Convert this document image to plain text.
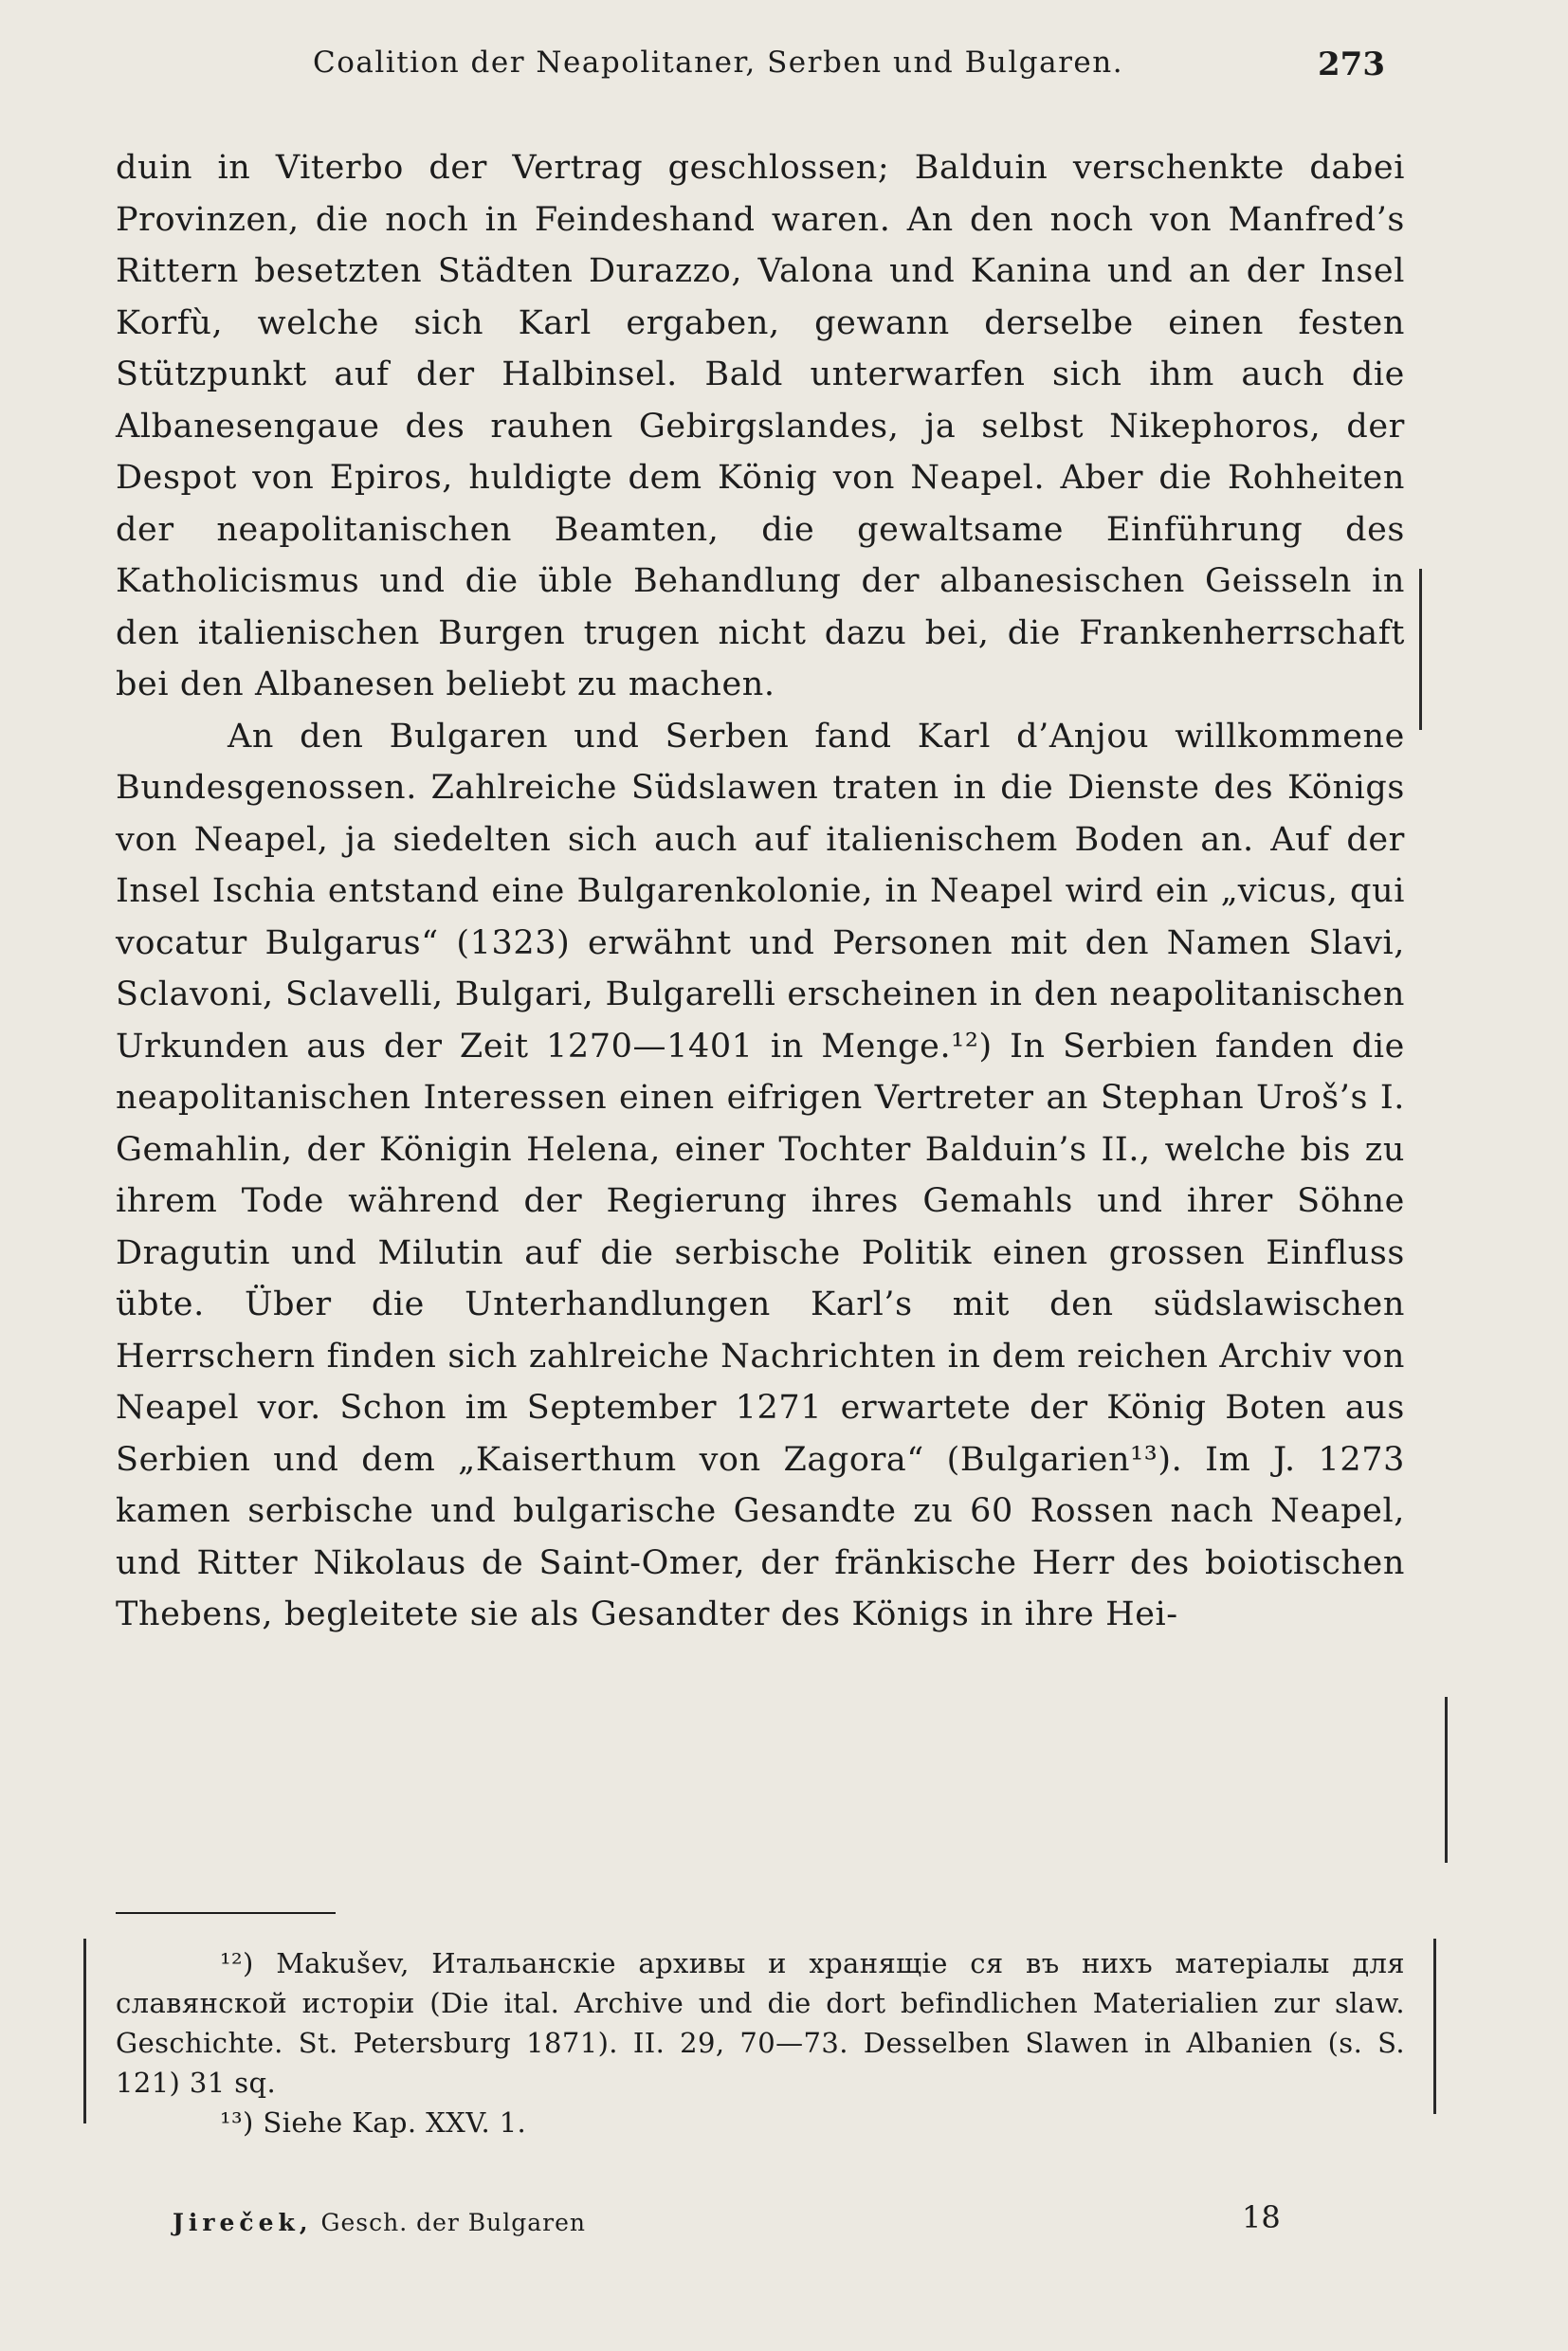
Coalition der Neapolitaner, Serben und Bulgaren.	273

duin in Viterbo der Vertrag geschlossen; Balduin verschenkte dabei Provinzen, die noch in Feindeshand waren. An den noch von Manfred’s Rittern besetzten Städten Durazzo, Valona und Kanina und an der Insel Korfù, welche sich Karl ergaben, gewann derselbe einen festen Stützpunkt auf der Halbinsel. Bald unterwarfen sich ihm auch die Albanesengaue des rauhen Gebirgslandes, ja selbst Nikephoros, der Despot von Epiros, huldigte dem König von Neapel. Aber die Rohheiten der neapolitanischen Beamten, die gewaltsame Einführung des Katholicismus und die üble Behandlung der albanesischen Geisseln in den italienischen Burgen trugen nicht dazu bei, die Frankenherrschaft bei den Albanesen beliebt zu machen.

An den Bulgaren und Serben fand Karl d’Anjou willkommene Bundesgenossen. Zahlreiche Südslawen traten in die Dienste des Königs von Neapel, ja siedelten sich auch auf italienischem Boden an. Auf der Insel Ischia entstand eine Bulgarenkolonie, in Neapel wird ein „vicus, qui vocatur Bulgarus“ (1323) erwähnt und Personen mit den Namen Slavi, Sclavoni, Sclavelli, Bulgari, Bulgarelli erscheinen in den neapolitanischen Urkunden aus der Zeit 1270—1401 in Menge.¹²) In Serbien fanden die neapolitanischen Interessen einen eifrigen Vertreter an Stephan Uroš’s I. Gemahlin, der Königin Helena, einer Tochter Balduin’s II., welche bis zu ihrem Tode während der Regierung ihres Gemahls und ihrer Söhne Dragutin und Milutin auf die serbische Politik einen grossen Einfluss übte. Über die Unterhandlungen Karl’s mit den südslawischen Herrschern finden sich zahlreiche Nachrichten in dem reichen Archiv von Neapel vor. Schon im September 1271 erwartete der König Boten aus Serbien und dem „Kaiserthum von Zagora“ (Bulgarien¹³). Im J. 1273 kamen serbische und bulgarische Gesandte zu 60 Rossen nach Neapel, und Ritter Nikolaus de Saint-Omer, der fränkische Herr des boiotischen Thebens, begleitete sie als Gesandter des Königs in ihre Hei-

¹²) Makušev, Итальанскіе архивы и хранящіе ся въ нихъ матеріалы для славянской исторіи (Die ital. Archive und die dort befindlichen Materialien zur slaw. Geschichte. St. Petersburg 1871). II. 29, 70—73. Desselben Slawen in Albanien (s. S. 121) 31 sq.

¹³) Siehe Kap. XXV. 1.

Jireček, Gesch. der Bulgaren	18
